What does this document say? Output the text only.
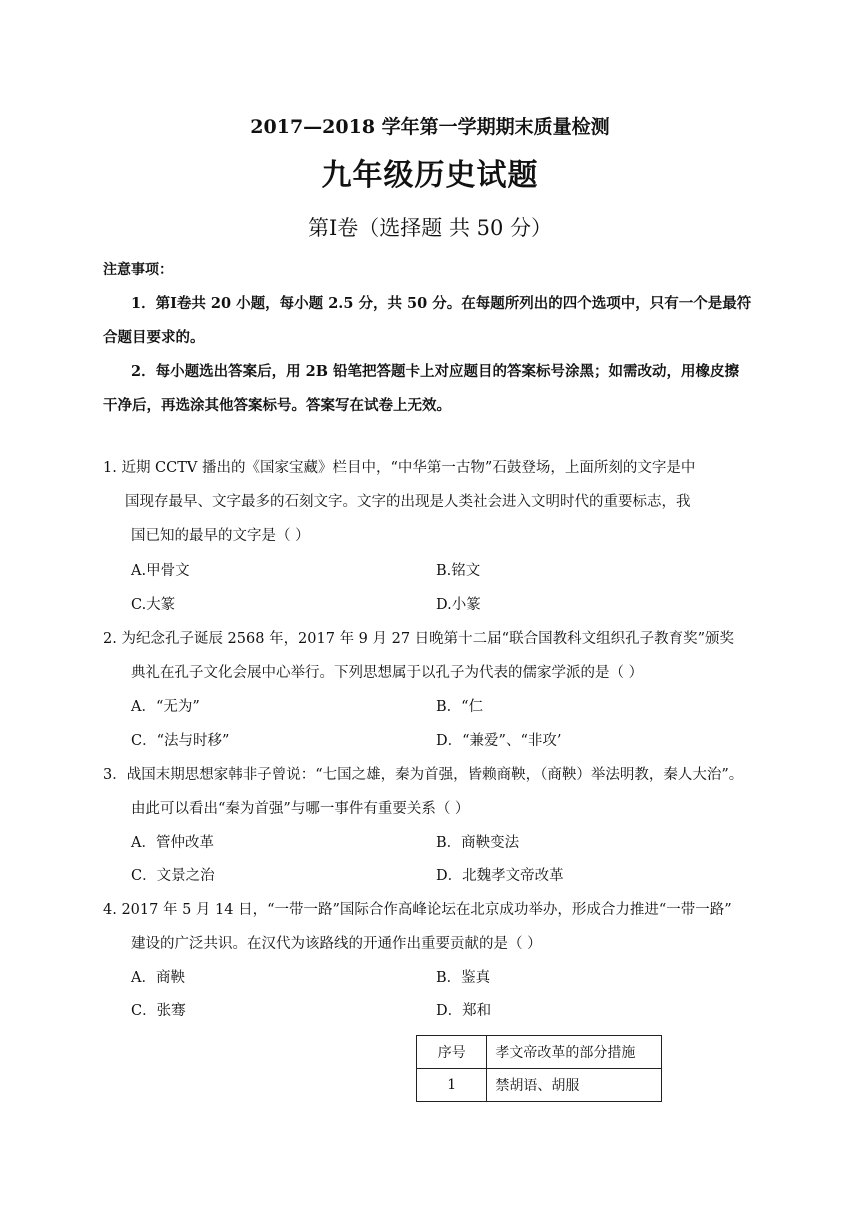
2017—2018 学年第一学期期末质量检测
九年级历史试题
第Ⅰ卷（选择题 共 50 分）
注意事项：
1．第Ⅰ卷共 20 小题，每小题 2.5 分，共 50 分。在每题所列出的四个选项中，只有一个是最符
合题目要求的。
2．每小题选出答案后，用 2B 铅笔把答题卡上对应题目的答案标号涂黑；如需改动，用橡皮擦
干净后，再选涂其他答案标号。答案写在试卷上无效。
1. 近期 CCTV 播出的《国家宝藏》栏目中，“中华第一古物”石鼓登场，上面所刻的文字是中
国现存最早、文字最多的石刻文字。文字的出现是人类社会进入文明时代的重要标志，我
国已知的最早的文字是（ ）
A.甲骨文	B.铭文
C.大篆	D.小篆
2. 为纪念孔子诞辰 2568 年，2017 年 9 月 27 日晚第十二届“联合国教科文组织孔子教育奖”颁奖
典礼在孔子文化会展中心举行。下列思想属于以孔子为代表的儒家学派的是（ ）
A．“无为”	B．“仁
C．“法与时移”	D．“兼爱”、“非攻’
3．战国末期思想家韩非子曾说：“七国之雄，秦为首强，皆赖商鞅，（商鞅）举法明教，秦人大治”。
由此可以看出“秦为首强”与哪一事件有重要关系（ ）
A．管仲改革	B．商鞅变法
C．文景之治	D．北魏孝文帝改革
4. 2017 年 5 月 14 日，“一带一路”国际合作高峰论坛在北京成功举办，形成合力推进“一带一路”
建设的广泛共识。在汉代为该路线的开通作出重要贡献的是（ ）
A．商鞅	B．鉴真
C．张骞	D．郑和
序号	孝文帝改革的部分措施
1	禁胡语、胡服
